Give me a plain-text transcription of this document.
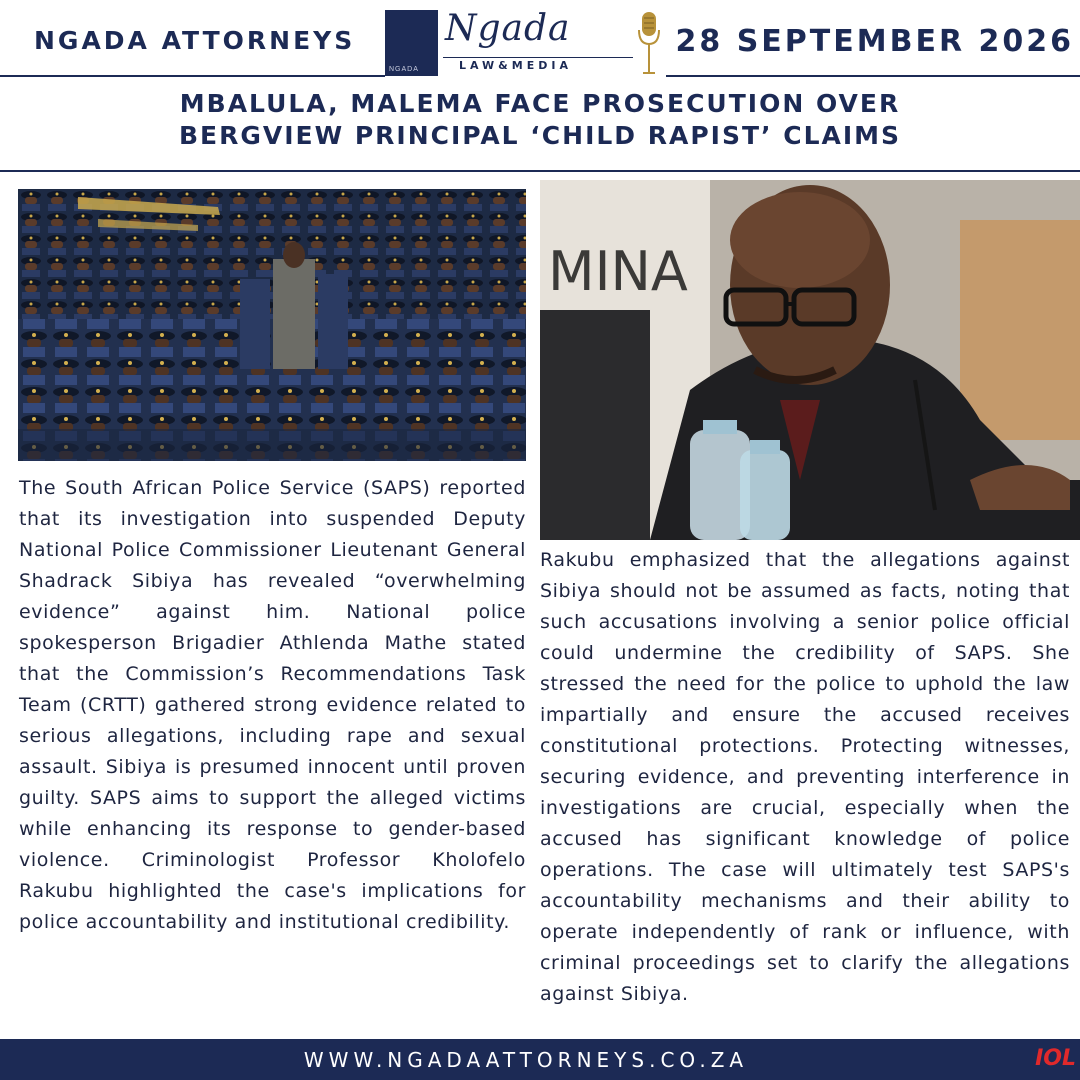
NGADA ATTORNEYS
NGADA
Ngada
LAW&MEDIA
28 SEPTEMBER 2026
MBALULA, MALEMA FACE PROSECUTION OVER
BERGVIEW PRINCIPAL ‘CHILD RAPIST’ CLAIMS
The South African Police Service (SAPS) reported that its investigation into suspended Deputy National Police Commissioner Lieutenant General Shadrack Sibiya has revealed “overwhelming evidence” against him. National police spokesperson Brigadier Athlenda Mathe stated that the Commission’s Recommendations Task Team (CRTT) gathered strong evidence related to serious allegations, including rape and sexual assault. Sibiya is presumed innocent until proven guilty. SAPS aims to support the alleged victims while enhancing its response to gender-based violence. Criminologist Professor Kholofelo Rakubu highlighted the case's implications for police accountability and institutional credibility.
MINA
Rakubu emphasized that the allegations against Sibiya should not be assumed as facts, noting that such accusations involving a senior police official could undermine the credibility of SAPS. She stressed the need for the police to uphold the law impartially and ensure the accused receives constitutional protections. Protecting witnesses, securing evidence, and preventing interference in investigations are crucial, especially when the accused has significant knowledge of police operations. The case will ultimately test SAPS's accountability mechanisms and their ability to operate independently of rank or influence, with criminal proceedings set to clarify the allegations against Sibiya.
WWW.NGADAATTORNEYS.CO.ZA	IOL
